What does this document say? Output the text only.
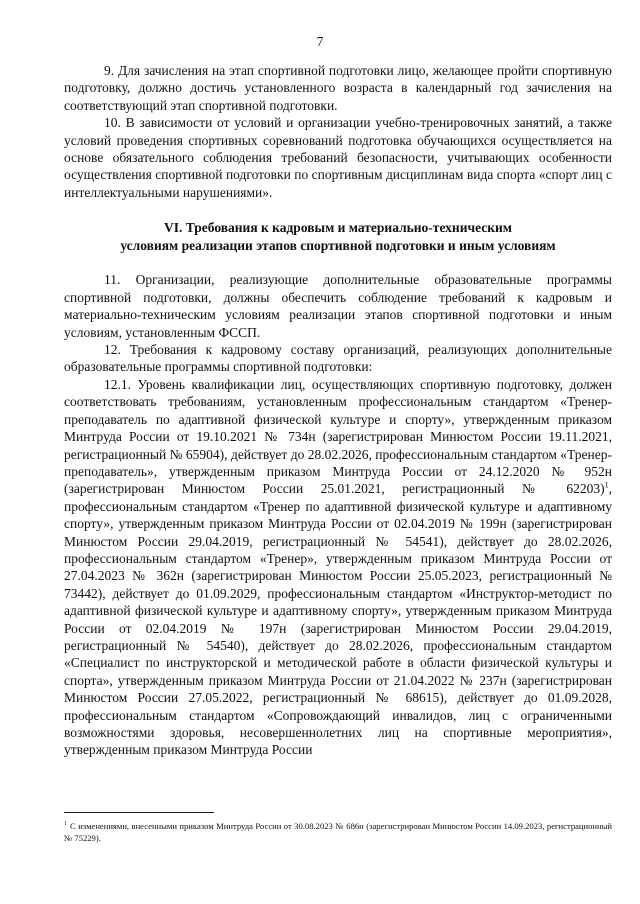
7

9. Для зачисления на этап спортивной подготовки лицо, желающее пройти спортивную подготовку, должно достичь установленного возраста в календарный год зачисления на соответствующий этап спортивной подготовки.

10. В зависимости от условий и организации учебно-тренировочных занятий, а также условий проведения спортивных соревнований подготовка обучающихся осуществляется на основе обязательного соблюдения требований безопасности, учитывающих особенности осуществления спортивной подготовки по спортивным дисциплинам вида спорта «спорт лиц с интеллектуальными нарушениями».

VI. Требования к кадровым и материально-техническим
условиям реализации этапов спортивной подготовки и иным условиям

11. Организации, реализующие дополнительные образовательные программы спортивной подготовки, должны обеспечить соблюдение требований к кадровым и материально-техническим условиям реализации этапов спортивной подготовки и иным условиям, установленным ФССП.

12. Требования к кадровому составу организаций, реализующих дополнительные образовательные программы спортивной подготовки:

12.1. Уровень квалификации лиц, осуществляющих спортивную подготовку, должен соответствовать требованиям, установленным профессиональным стандартом «Тренер-преподаватель по адаптивной физической культуре и спорту», утвержденным приказом Минтруда России от 19.10.2021 № 734н (зарегистрирован Минюстом России 19.11.2021, регистрационный № 65904), действует до 28.02.2026, профессиональным стандартом «Тренер-преподаватель», утвержденным приказом Минтруда России от 24.12.2020 № 952н (зарегистрирован Минюстом России 25.01.2021, регистрационный № 62203)$^1$, профессиональным стандартом «Тренер по адаптивной физической культуре и адаптивному спорту», утвержденным приказом Минтруда России от 02.04.2019 № 199н (зарегистрирован Минюстом России 29.04.2019, регистрационный № 54541), действует до 28.02.2026, профессиональным стандартом «Тренер», утвержденным приказом Минтруда России от 27.04.2023 № 362н (зарегистрирован Минюстом России 25.05.2023, регистрационный № 73442), действует до 01.09.2029, профессиональным стандартом «Инструктор-методист по адаптивной физической культуре и адаптивному спорту», утвержденным приказом Минтруда России от 02.04.2019 № 197н (зарегистрирован Минюстом России 29.04.2019, регистрационный № 54540), действует до 28.02.2026, профессиональным стандартом «Специалист по инструкторской и методической работе в области физической культуры и спорта», утвержденным приказом Минтруда России от 21.04.2022 № 237н (зарегистрирован Минюстом России 27.05.2022, регистрационный № 68615), действует до 01.09.2028, профессиональным стандартом «Сопровождающий инвалидов, лиц с ограниченными возможностями здоровья, несовершеннолетних лиц на спортивные мероприятия», утвержденным приказом Минтруда России

$^1$ С изменениями, внесенными приказом Минтруда России от 30.08.2023 № 686н (зарегистрирован Минюстом России 14.09.2023, регистрационный № 75229).
